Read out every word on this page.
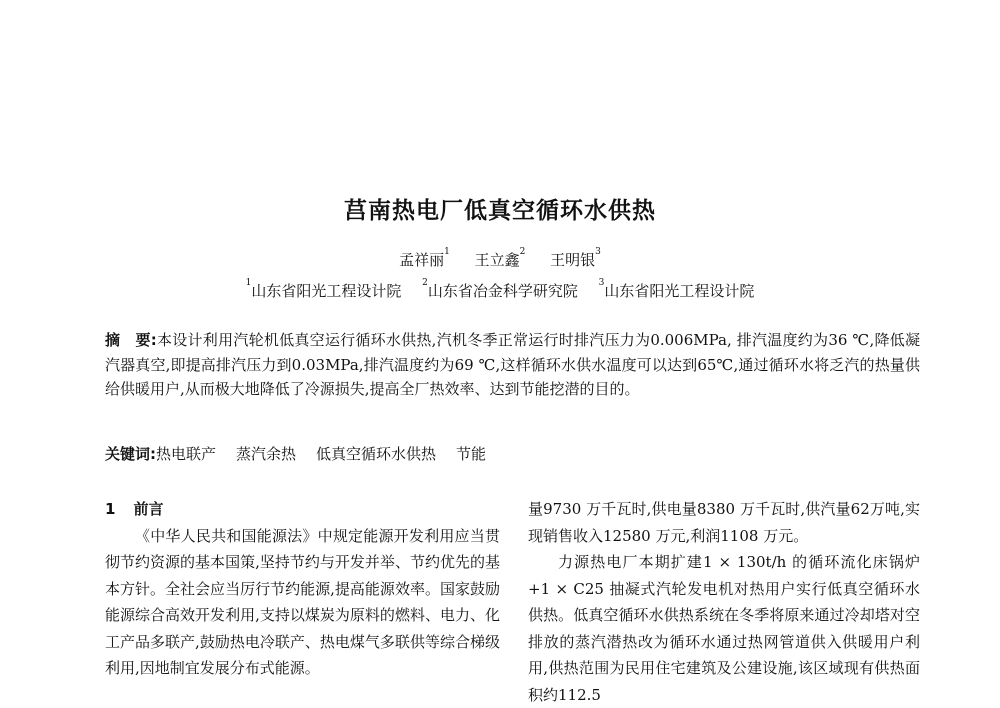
莒南热电厂低真空循环水供热
孟祥丽$^1$ 王立鑫$^2$ 王明银$^3$
$^1$山东省阳光工程设计院 $^2$山东省冶金科学研究院 $^3$山东省阳光工程设计院

摘　要:本设计利用汽轮机低真空运行循环水供热,汽机冬季正常运行时排汽压力为0.006MPa, 排汽温度约为36 ℃,降低凝汽器真空,即提高排汽压力到0.03MPa,排汽温度约为69 ℃,这样循环水供水温度可以达到65℃,通过循环水将乏汽的热量供给供暖用户,从而极大地降低了冷源损失,提高全厂热效率、达到节能挖潜的目的。

关键词:热电联产 蒸汽余热 低真空循环水供热 节能

1 前言

《中华人民共和国能源法》中规定能源开发利用应当贯彻节约资源的基本国策,坚持节约与开发并举、节约优先的基本方针。全社会应当厉行节约能源,提高能源效率。国家鼓励能源综合高效开发利用,支持以煤炭为原料的燃料、电力、化工产品多联产,鼓励热电冷联产、热电煤气多联供等综合梯级利用,因地制宜发展分布式能源。

量9730 万千瓦时,供电量8380 万千瓦时,供汽量62万吨,实现销售收入12580 万元,利润1108 万元。

力源热电厂本期扩建1 × 130t/h 的循环流化床锅炉+1 × C25 抽凝式汽轮发电机对热用户实行低真空循环水供热。低真空循环水供热系统在冬季将原来通过冷却塔对空排放的蒸汽潜热改为循环水通过热网管道供入供暖用户利用,供热范围为民用住宅建筑及公建设施,该区域现有供热面积约112.5
